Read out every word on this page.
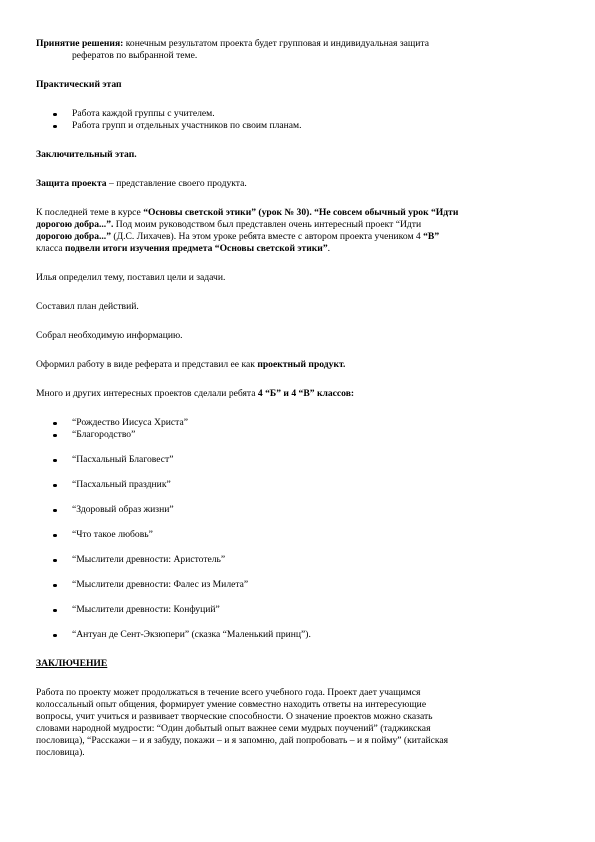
Принятие решения: конечным результатом проекта будет групповая и индивидуальная защита

рефератов по выбранной теме.

Практический этап

Работа каждой группы с учителем.
Работа групп и отдельных участников по своим планам.

Заключительный этап.

Защита проекта – представление своего продукта.

К последней теме в курсе “Основы светской этики” (урок № 30). “Не совсем обычный урок “Идти

дорогою добра...”. Под моим руководством был представлен очень интересный проект “Идти

дорогою добра...” (Д.С. Лихачев). На этом уроке ребята вместе с автором проекта учеником 4 “В”

класса подвели итоги изучения предмета “Основы светской этики”.

Илья определил тему, поставил цели и задачи.

Составил план действий.

Собрал необходимую информацию.

Оформил работу в виде реферата и представил ее как проектный продукт.

Много и других интересных проектов сделали ребята 4 “Б” и 4 “В” классов:

“Рождество Иисуса Христа”
“Благородство”
“Пасхальный Благовест”
“Пасхальный праздник”
“Здоровый образ жизни”
“Что такое любовь”
“Мыслители древности: Аристотель”
“Мыслители древности: Фалес из Милета”
“Мыслители древности: Конфуций”
“Антуан де Сент-Экзюпери” (сказка “Маленький принц”).

ЗАКЛЮЧЕНИЕ

Работа по проекту может продолжаться в течение всего учебного года. Проект дает учащимся

колоссальный опыт общения, формирует умение совместно находить ответы на интересующие

вопросы, учит учиться и развивает творческие способности. О значение проектов можно сказать

словами народной мудрости: “Один добытый опыт важнее семи мудрых поучений” (таджикская

пословица), “Расскажи – и я забуду, покажи – и я запомню, дай попробовать – и я пойму” (китайская

пословица).
